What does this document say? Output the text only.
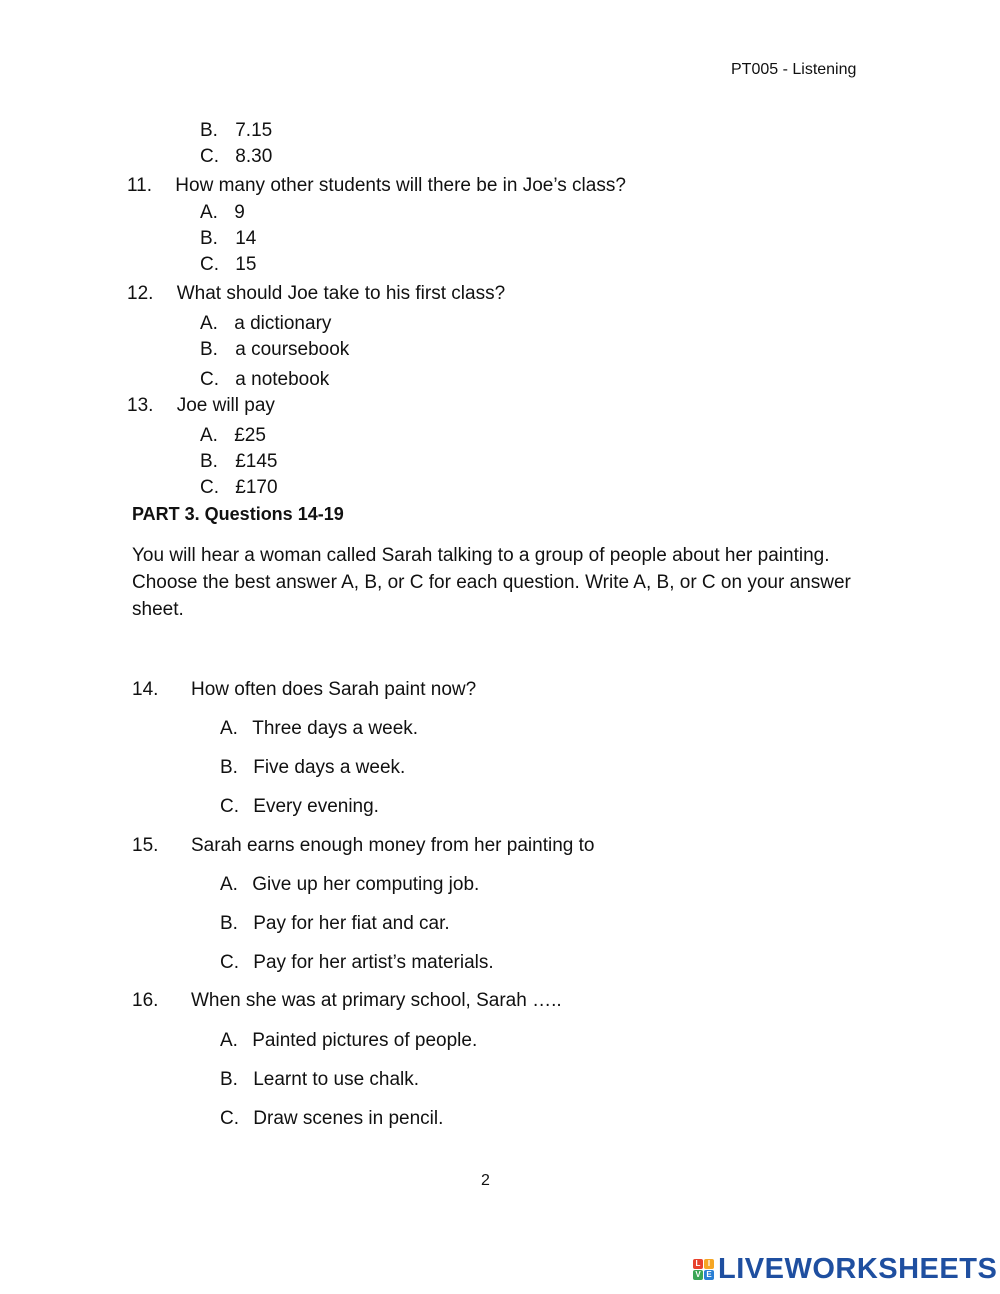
PT005 - Listening
B. 7.15
C. 8.30
11. How many other students will there be in Joe’s class?
A. 9
B. 14
C. 15
12. What should Joe take to his first class?
A. a dictionary
B. a coursebook
C. a notebook
13. Joe will pay
A. £25
B. £145
C. £170
PART 3. Questions 14-19
You will hear a woman called Sarah talking to a group of people about her painting. Choose the best answer A, B, or C for each question. Write A, B, or C on your answer sheet.
14. How often does Sarah paint now?
A. Three days a week.
B. Five days a week.
C. Every evening.
15. Sarah earns enough money from her painting to
A. Give up her computing job.
B. Pay for her fiat and car.
C. Pay for her artist’s materials.
16. When she was at primary school, Sarah …..
A. Painted pictures of people.
B. Learnt to use chalk.
C. Draw scenes in pencil.
2
L I
V E LIVEWORKSHEETS
